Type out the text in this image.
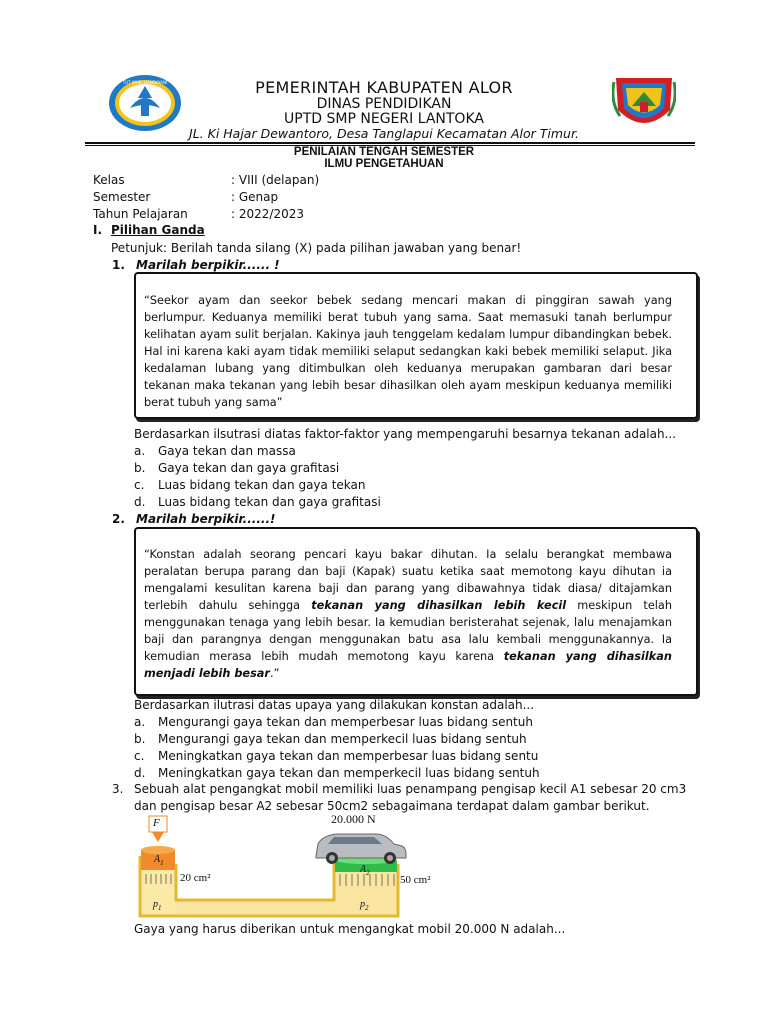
TUT WURI HANDAYANI	PEMERINTAH KABUPATEN ALOR
DINAS PENDIDIKAN
UPTD SMP NEGERI LANTOKA
JL. Ki Hajar Dewantoro, Desa Tanglapui Kecamatan Alor Timur.
PENILAIAN TENGAH SEMESTER
ILMU PENGETAHUAN
Kelas	: VIII (delapan)
Semester	: Genap
Tahun Pelajaran	: 2022/2023
I. Pilihan Ganda
Petunjuk: Berilah tanda silang (X) pada pilihan jawaban yang benar!
1. Marilah berpikir...... !
“Seekor ayam dan seekor bebek sedang mencari makan di pinggiran sawah yang berlumpur. Keduanya memiliki berat tubuh yang sama. Saat memasuki tanah berlumpur kelihatan ayam sulit berjalan. Kakinya jauh tenggelam kedalam lumpur dibandingkan bebek. Hal ini karena kaki ayam tidak memiliki selaput sedangkan kaki bebek memiliki selaput. Jika kedalaman lubang yang ditimbulkan oleh keduanya merupakan gambaran dari besar tekanan maka tekanan yang lebih besar dihasilkan oleh ayam meskipun keduanya memiliki berat tubuh yang sama”
Berdasarkan ilsutrasi diatas faktor-faktor yang mempengaruhi besarnya tekanan adalah...
a. Gaya tekan dan massa
b. Gaya tekan dan gaya grafitasi
c. Luas bidang tekan dan gaya tekan
d. Luas bidang tekan dan gaya grafitasi
2. Marilah berpikir......!
“Konstan adalah seorang pencari kayu bakar dihutan. Ia selalu berangkat membawa peralatan berupa parang dan baji (Kapak) suatu ketika saat memotong kayu dihutan ia mengalami kesulitan karena baji dan parang yang dibawahnya tidak diasa/ ditajamkan terlebih dahulu sehingga tekanan yang dihasilkan lebih kecil meskipun telah menggunakan tenaga yang lebih besar. Ia kemudian beristerahat sejenak, lalu menajamkan baji dan parangnya dengan menggunakan batu asa lalu kembali menggunakannya. Ia kemudian merasa lebih mudah memotong kayu karena tekanan yang dihasilkan menjadi lebih besar.”
Berdasarkan ilutrasi datas upaya yang dilakukan konstan adalah...
a. Mengurangi gaya tekan dan memperbesar luas bidang sentuh
b. Mengurangi gaya tekan dan memperkecil luas bidang sentuh
c. Meningkatkan gaya tekan dan memperbesar luas bidang sentu
d. Meningkatkan gaya tekan dan memperkecil luas bidang sentuh
3. Sebuah alat pengangkat mobil memiliki luas penampang pengisap kecil A1 sebesar 20 cm3
dan pengisap besar A2 sebesar 50cm2 sebagaimana terdapat dalam gambar berikut.
F	20.000 N
$A_1$
$A_2$
20 cm²	50 cm²
$p_1$	$p_2$
Gaya yang harus diberikan untuk mengangkat mobil 20.000 N adalah...
